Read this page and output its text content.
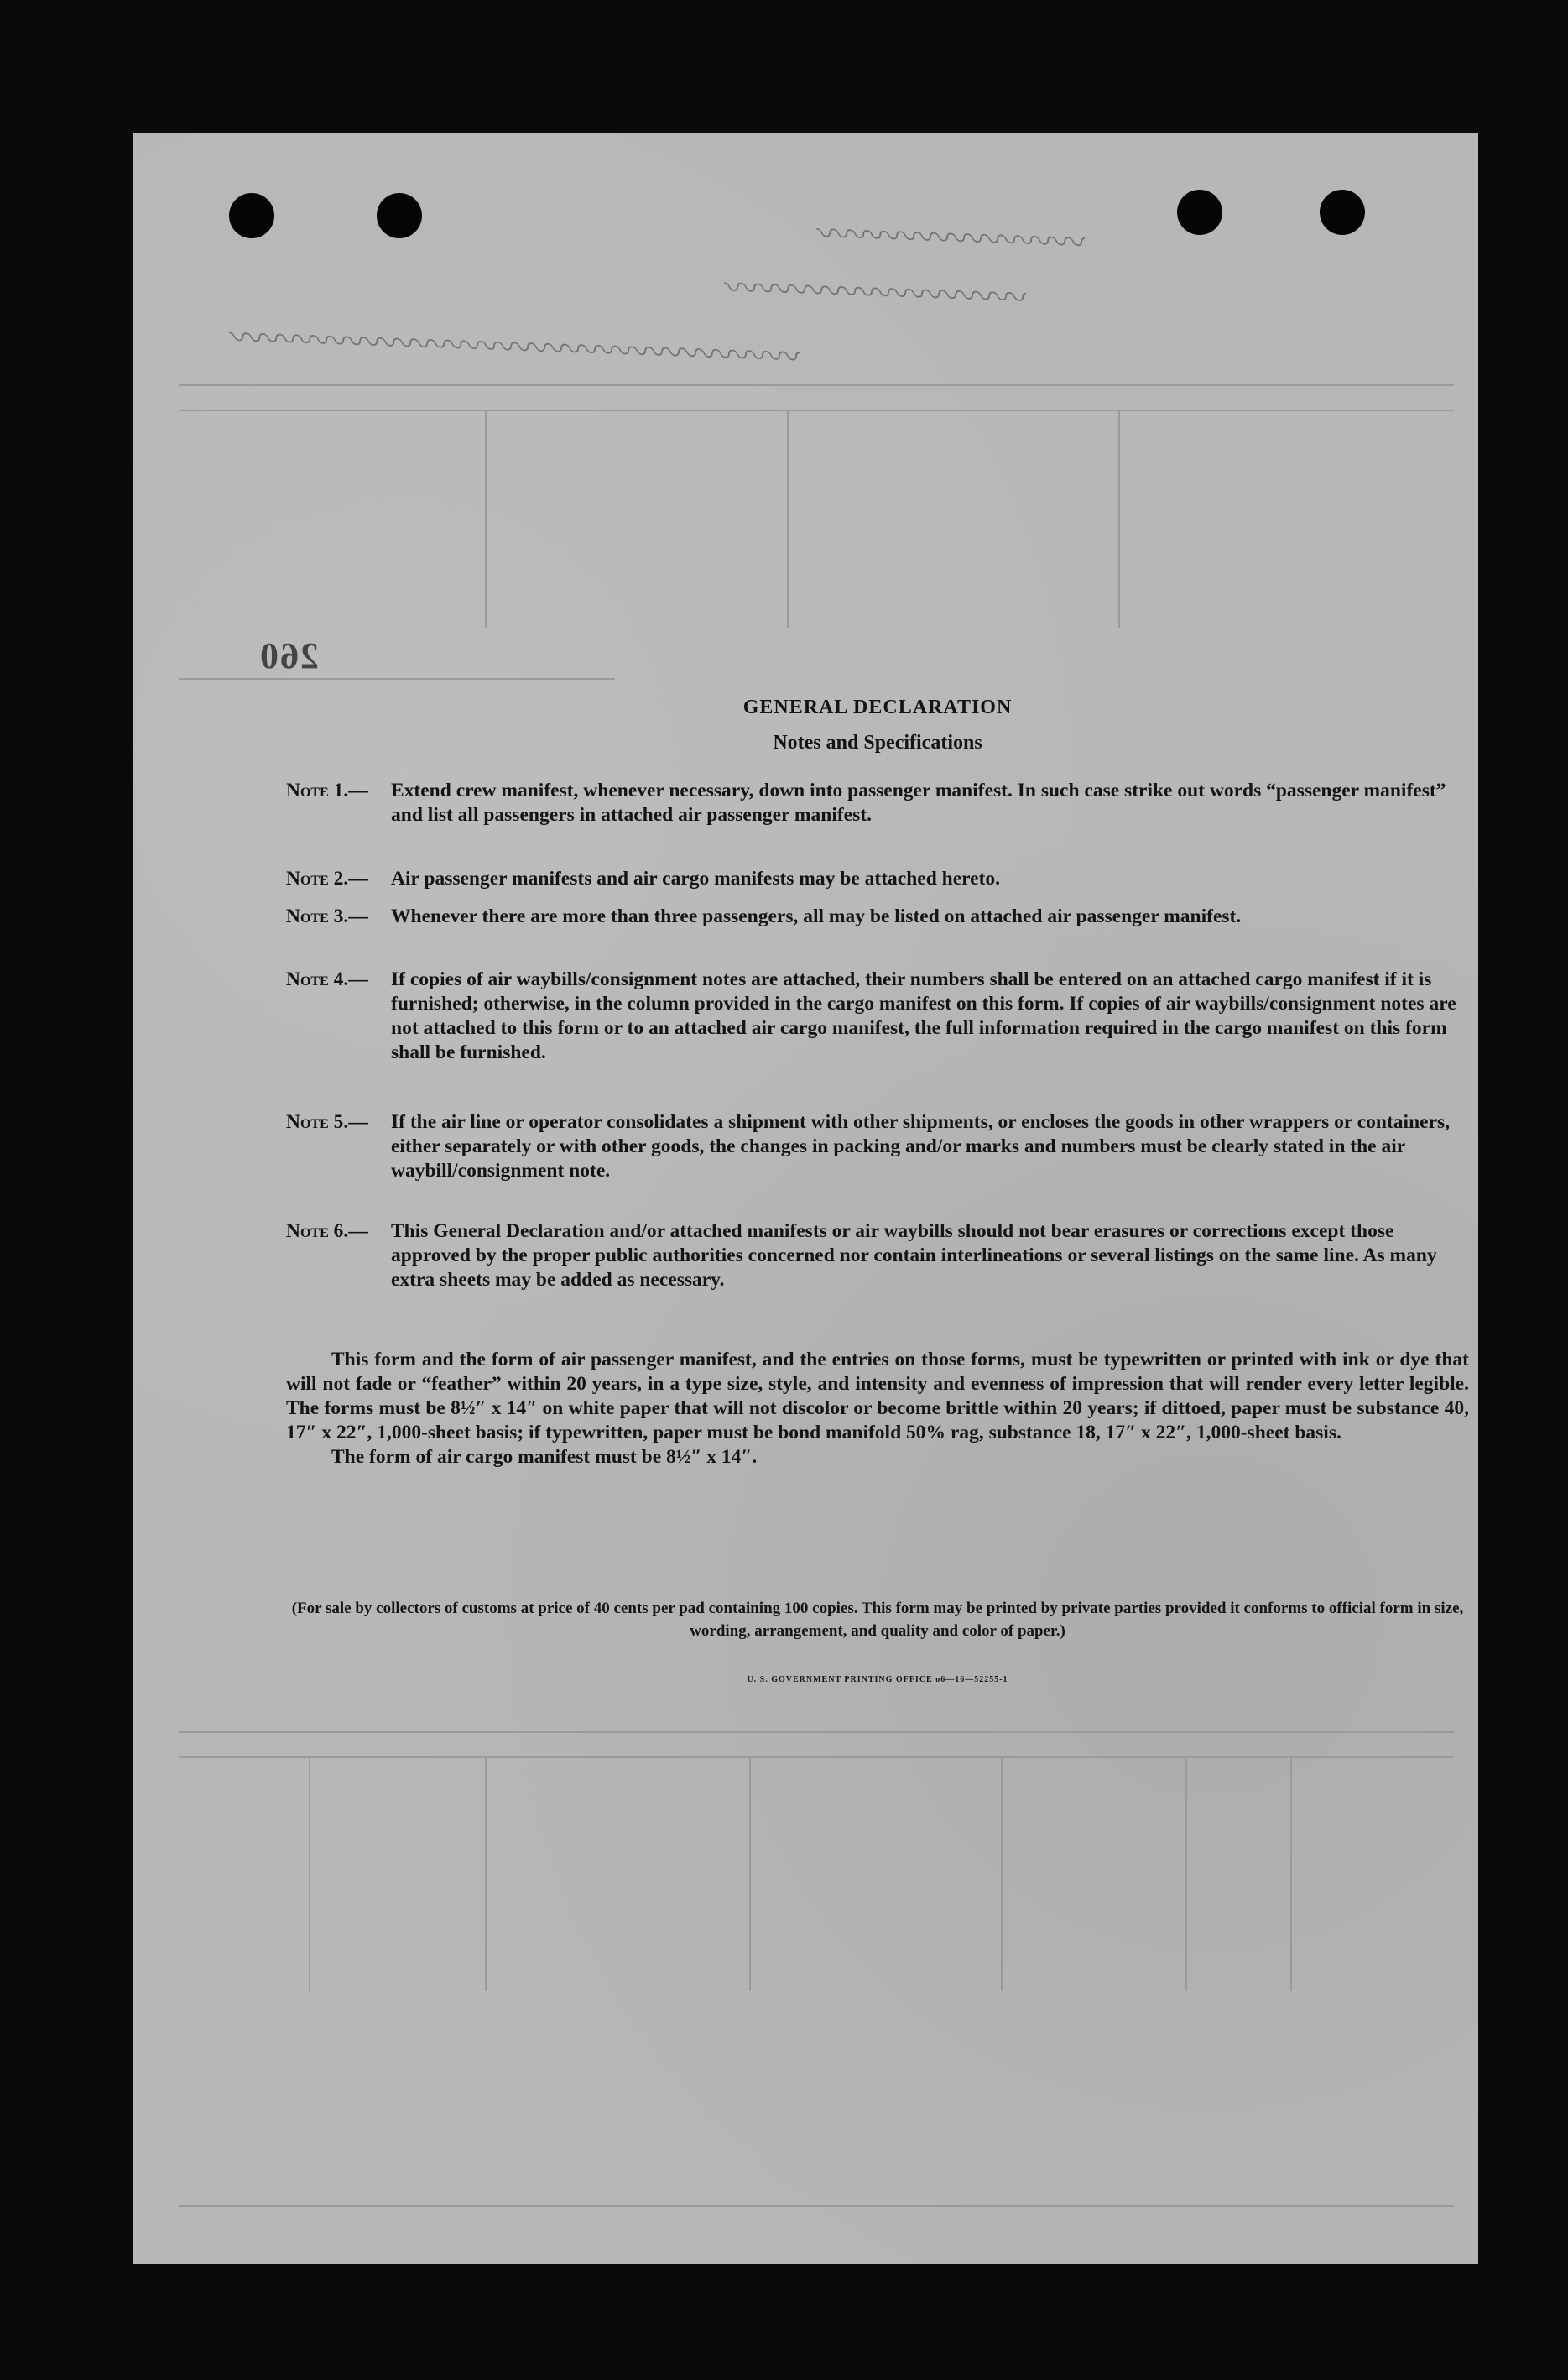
〰〰〰〰〰〰〰〰
〰〰〰〰〰〰〰〰〰
〰〰〰〰〰〰〰〰〰〰〰〰〰〰〰〰〰
260
GENERAL DECLARATION
Notes and Specifications
Note 1.—	Extend crew manifest, whenever necessary, down into passenger manifest. In such case strike out words “passenger manifest” and list all passengers in attached air passenger manifest.
Note 2.—	Air passenger manifests and air cargo manifests may be attached hereto.
Note 3.—	Whenever there are more than three passengers, all may be listed on attached air passenger manifest.
Note 4.—	If copies of air waybills/consignment notes are attached, their numbers shall be entered on an attached cargo manifest if it is furnished; otherwise, in the column provided in the cargo manifest on this form. If copies of air waybills/consignment notes are not attached to this form or to an attached air cargo manifest, the full information required in the cargo manifest on this form shall be furnished.
Note 5.—	If the air line or operator consolidates a shipment with other shipments, or encloses the goods in other wrappers or containers, either separately or with other goods, the changes in packing and/or marks and numbers must be clearly stated in the air waybill/consignment note.
Note 6.—	This General Declaration and/or attached manifests or air waybills should not bear erasures or corrections except those approved by the proper public authorities concerned nor contain interlineations or several listings on the same line. As many extra sheets may be added as necessary.

This form and the form of air passenger manifest, and the entries on those forms, must be typewritten or printed with ink or dye that will not fade or “feather” within 20 years, in a type size, style, and intensity and evenness of impression that will render every letter legible. The forms must be 8½″ x 14″ on white paper that will not discolor or become brittle within 20 years; if dittoed, paper must be substance 40, 17″ x 22″, 1,000-sheet basis; if typewritten, paper must be bond manifold 50% rag, substance 18, 17″ x 22″, 1,000-sheet basis.

The form of air cargo manifest must be 8½″ x 14″.

(For sale by collectors of customs at price of 40 cents per pad containing 100 copies. This form may be printed by private parties provided it conforms to official form in size, wording, arrangement, and quality and color of paper.)
U. S. GOVERNMENT PRINTING OFFICE o6—16—52255-1
